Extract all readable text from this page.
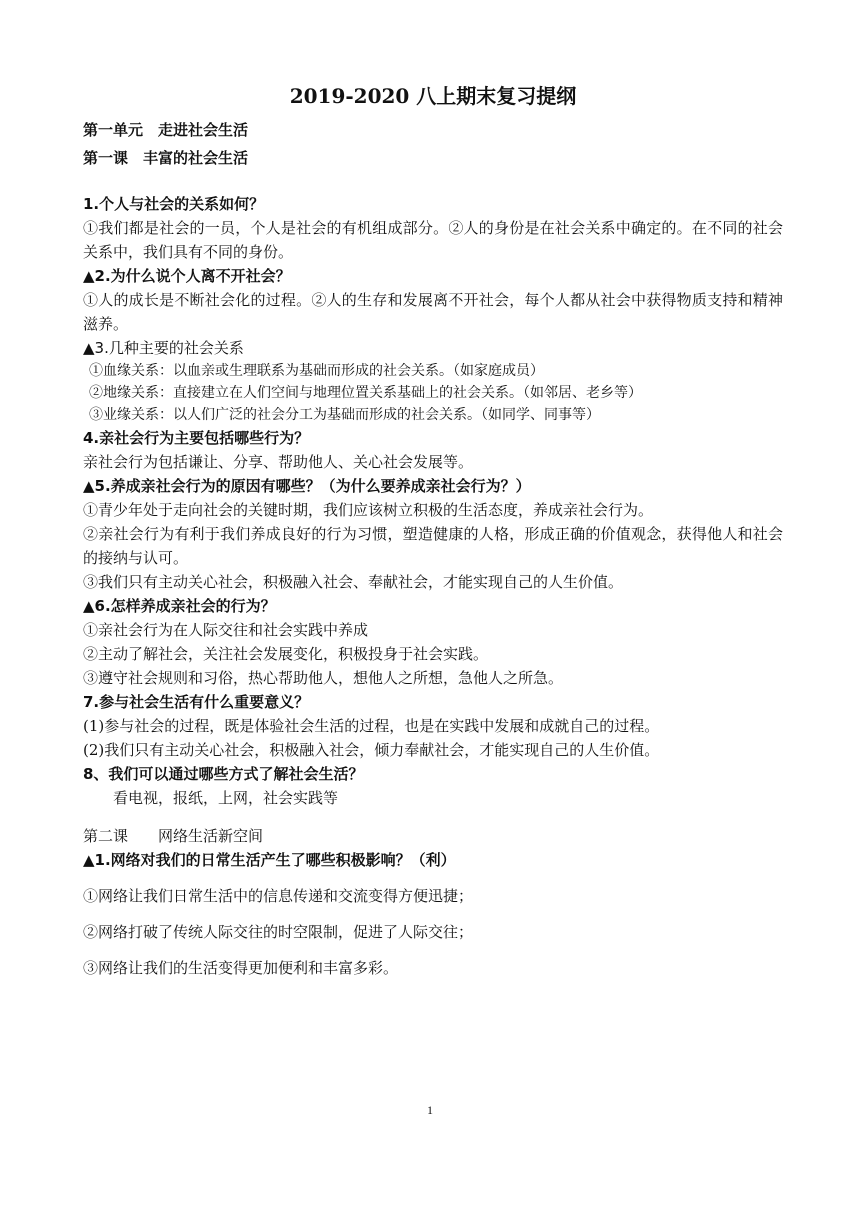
2019-2020 八上期末复习提纲
第一单元　走进社会生活
第一课　丰富的社会生活

1.个人与社会的关系如何？

①我们都是社会的一员，个人是社会的有机组成部分。②人的身份是在社会关系中确定的。在不同的社会关系中，我们具有不同的身份。

▲2.为什么说个人离不开社会？

①人的成长是不断社会化的过程。②人的生存和发展离不开社会，每个人都从社会中获得物质支持和精神滋养。

▲3.几种主要的社会关系

①血缘关系：以血亲或生理联系为基础而形成的社会关系。（如家庭成员）

②地缘关系：直接建立在人们空间与地理位置关系基础上的社会关系。（如邻居、老乡等）

③业缘关系：以人们广泛的社会分工为基础而形成的社会关系。（如同学、同事等）

4.亲社会行为主要包括哪些行为？

亲社会行为包括谦让、分享、帮助他人、关心社会发展等。

▲5.养成亲社会行为的原因有哪些？（为什么要养成亲社会行为？）

①青少年处于走向社会的关键时期，我们应该树立积极的生活态度，养成亲社会行为。

②亲社会行为有利于我们养成良好的行为习惯，塑造健康的人格，形成正确的价值观念，获得他人和社会的接纳与认可。

③我们只有主动关心社会，积极融入社会、奉献社会，才能实现自己的人生价值。

▲6.怎样养成亲社会的行为？

①亲社会行为在人际交往和社会实践中养成

②主动了解社会，关注社会发展变化，积极投身于社会实践。

③遵守社会规则和习俗，热心帮助他人，想他人之所想，急他人之所急。

7.参与社会生活有什么重要意义？

(1)参与社会的过程，既是体验社会生活的过程，也是在实践中发展和成就自己的过程。

(2)我们只有主动关心社会，积极融入社会，倾力奉献社会，才能实现自己的人生价值。

8、我们可以通过哪些方式了解社会生活？

看电视，报纸，上网，社会实践等

第二课　　网络生活新空间

▲1.网络对我们的日常生活产生了哪些积极影响？（利）

①网络让我们日常生活中的信息传递和交流变得方便迅捷；

②网络打破了传统人际交往的时空限制，促进了人际交往；

③网络让我们的生活变得更加便利和丰富多彩。

1
